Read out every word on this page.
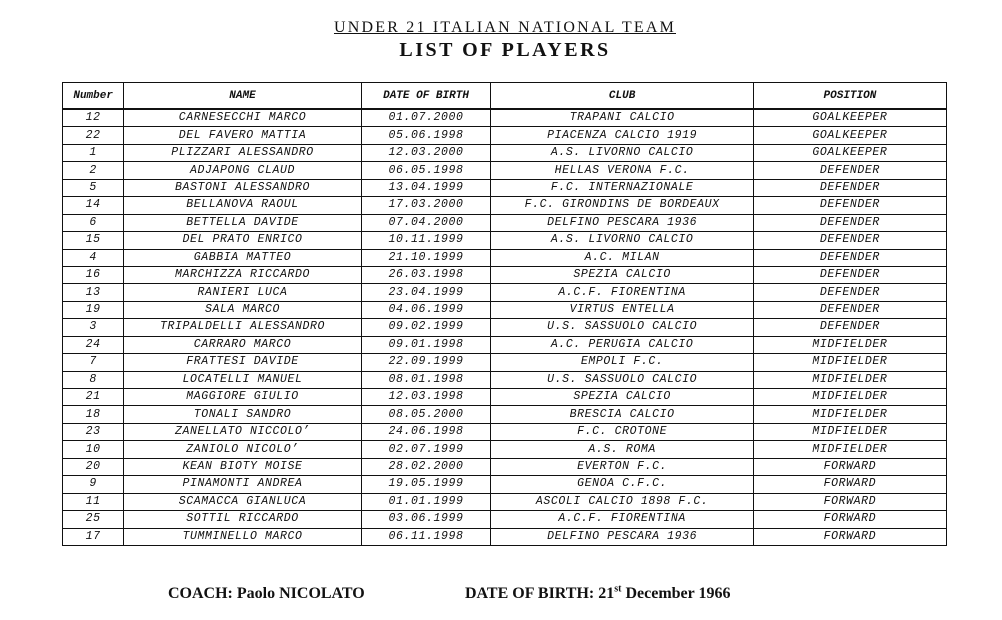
UNDER 21 ITALIAN NATIONAL TEAM
LIST OF PLAYERS
Number	NAME	DATE OF BIRTH	CLUB	POSITION
12	CARNESECCHI MARCO	01.07.2000	TRAPANI CALCIO	GOALKEEPER
22	DEL FAVERO MATTIA	05.06.1998	PIACENZA CALCIO 1919	GOALKEEPER
1	PLIZZARI ALESSANDRO	12.03.2000	A.S. LIVORNO CALCIO	GOALKEEPER
2	ADJAPONG CLAUD	06.05.1998	HELLAS VERONA F.C.	DEFENDER
5	BASTONI ALESSANDRO	13.04.1999	F.C. INTERNAZIONALE	DEFENDER
14	BELLANOVA RAOUL	17.03.2000	F.C. GIRONDINS DE BORDEAUX	DEFENDER
6	BETTELLA DAVIDE	07.04.2000	DELFINO PESCARA 1936	DEFENDER
15	DEL PRATO ENRICO	10.11.1999	A.S. LIVORNO CALCIO	DEFENDER
4	GABBIA MATTEO	21.10.1999	A.C. MILAN	DEFENDER
16	MARCHIZZA RICCARDO	26.03.1998	SPEZIA CALCIO	DEFENDER
13	RANIERI LUCA	23.04.1999	A.C.F. FIORENTINA	DEFENDER
19	SALA MARCO	04.06.1999	VIRTUS ENTELLA	DEFENDER
3	TRIPALDELLI ALESSANDRO	09.02.1999	U.S. SASSUOLO CALCIO	DEFENDER
24	CARRARO MARCO	09.01.1998	A.C. PERUGIA CALCIO	MIDFIELDER
7	FRATTESI DAVIDE	22.09.1999	EMPOLI F.C.	MIDFIELDER
8	LOCATELLI MANUEL	08.01.1998	U.S. SASSUOLO CALCIO	MIDFIELDER
21	MAGGIORE GIULIO	12.03.1998	SPEZIA CALCIO	MIDFIELDER
18	TONALI SANDRO	08.05.2000	BRESCIA CALCIO	MIDFIELDER
23	ZANELLATO NICCOLO’	24.06.1998	F.C. CROTONE	MIDFIELDER
10	ZANIOLO NICOLO’	02.07.1999	A.S. ROMA	MIDFIELDER
20	KEAN BIOTY MOISE	28.02.2000	EVERTON F.C.	FORWARD
9	PINAMONTI ANDREA	19.05.1999	GENOA C.F.C.	FORWARD
11	SCAMACCA GIANLUCA	01.01.1999	ASCOLI CALCIO 1898 F.C.	FORWARD
25	SOTTIL RICCARDO	03.06.1999	A.C.F. FIORENTINA	FORWARD
17	TUMMINELLO MARCO	06.11.1998	DELFINO PESCARA 1936	FORWARD
COACH: Paolo NICOLATO	DATE OF BIRTH: 21st December 1966
